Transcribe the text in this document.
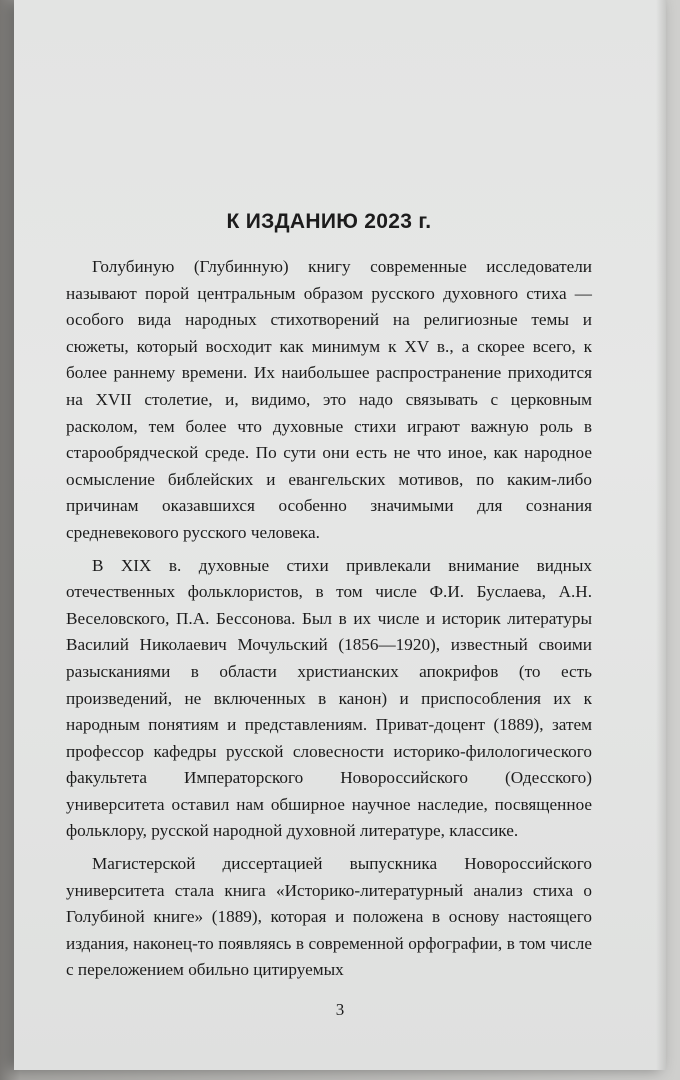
К ИЗДАНИЮ 2023 г.

Голубиную (Глубинную) книгу современные исследователи называют порой центральным образом русского духовного стиха — особого вида народных стихотворений на религиозные темы и сюжеты, который восходит как минимум к XV в., а скорее всего, к более раннему времени. Их наибольшее распространение приходится на XVII столетие, и, видимо, это надо связывать с церковным расколом, тем более что духовные стихи играют важную роль в старообрядческой среде. По сути они есть не что иное, как народное осмысление библейских и евангельских мотивов, по каким-либо причинам оказавшихся особенно значимыми для сознания средневекового русского человека.

В XIX в. духовные стихи привлекали внимание видных отечественных фольклористов, в том числе Ф.И. Буслаева, А.Н. Веселовского, П.А. Бессонова. Был в их числе и историк литературы Василий Николаевич Мочульский (1856—1920), известный своими разысканиями в области христианских апокрифов (то есть произведений, не включенных в канон) и приспособления их к народным понятиям и представлениям. Приват-доцент (1889), затем профессор кафедры русской словесности историко-филологического факультета Императорского Новороссийского (Одесского) университета оставил нам обширное научное наследие, посвященное фольклору, русской народной духовной литературе, классике.

Магистерской диссертацией выпускника Новороссийского университета стала книга «Историко-литературный анализ стиха о Голубиной книге» (1889), которая и положена в основу настоящего издания, наконец-то появляясь в современной орфографии, в том числе с переложением обильно цитируемых

3
